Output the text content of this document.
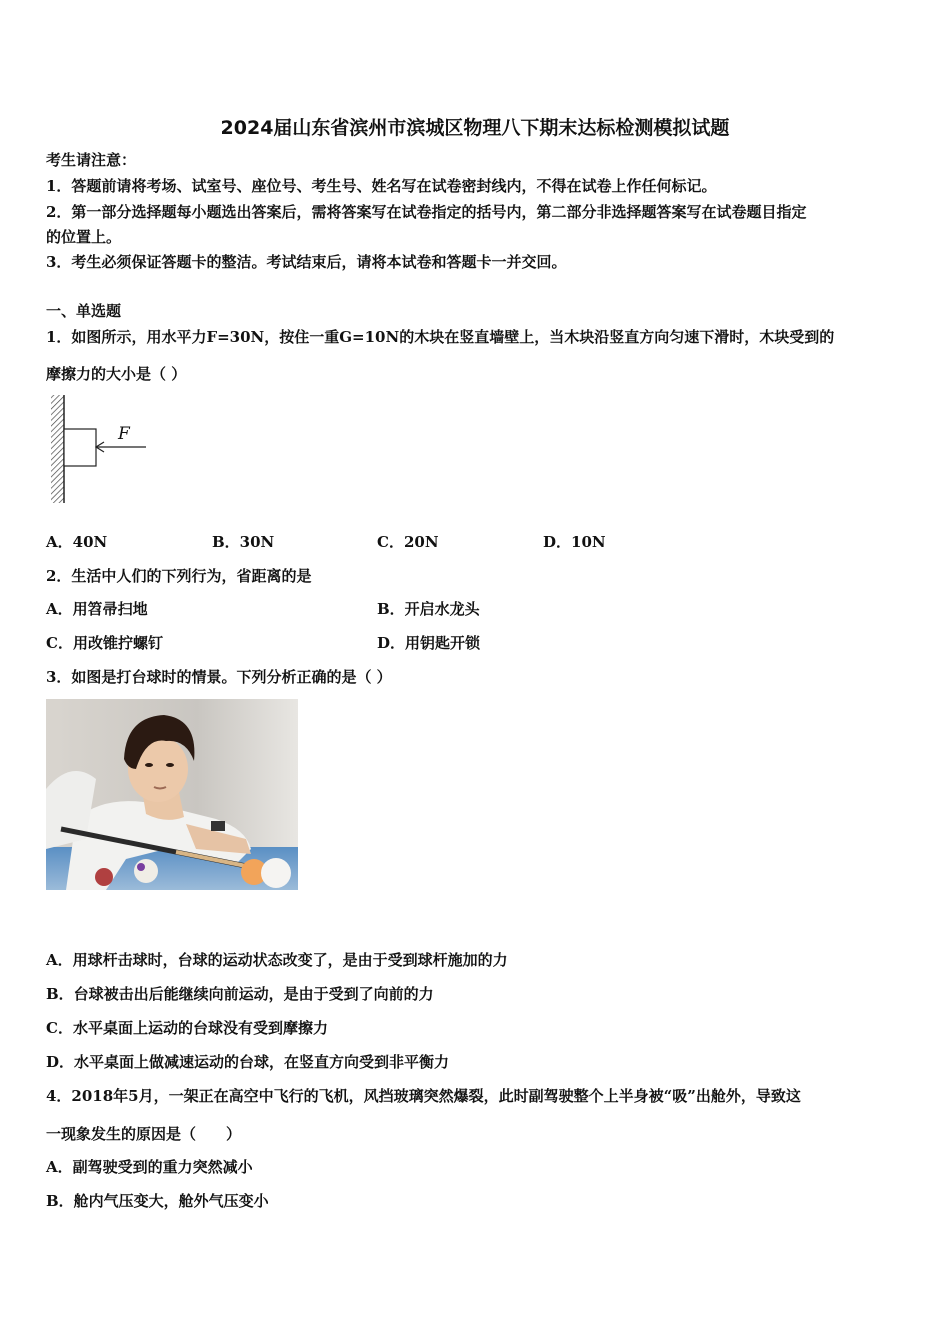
2024届山东省滨州市滨城区物理八下期末达标检测模拟试题
考生请注意：
1．答题前请将考场、试室号、座位号、考生号、姓名写在试卷密封线内，不得在试卷上作任何标记。
2．第一部分选择题每小题选出答案后，需将答案写在试卷指定的括号内，第二部分非选择题答案写在试卷题目指定
的位置上。
3．考生必须保证答题卡的整洁。考试结束后，请将本试卷和答题卡一并交回。
一、单选题
1．如图所示，用水平力F=30N，按住一重G=10N的木块在竖直墙壁上，当木块沿竖直方向匀速下滑时，木块受到的
摩擦力的大小是（ ）
F
A．40N	B．30N	C．20N	D．10N
2．生活中人们的下列行为，省距离的是
A．用笤帚扫地	B．开启水龙头
C．用改锥拧螺钉	D．用钥匙开锁
3．如图是打台球时的情景。下列分析正确的是（ ）
A．用球杆击球时，台球的运动状态改变了，是由于受到球杆施加的力
B．台球被击出后能继续向前运动，是由于受到了向前的力
C．水平桌面上运动的台球没有受到摩擦力
D．水平桌面上做减速运动的台球，在竖直方向受到非平衡力
4．2018年5月，一架正在高空中飞行的飞机，风挡玻璃突然爆裂，此时副驾驶整个上半身被“吸”出舱外，导致这
一现象发生的原因是（　　）
A．副驾驶受到的重力突然减小
B．舱内气压变大，舱外气压变小
